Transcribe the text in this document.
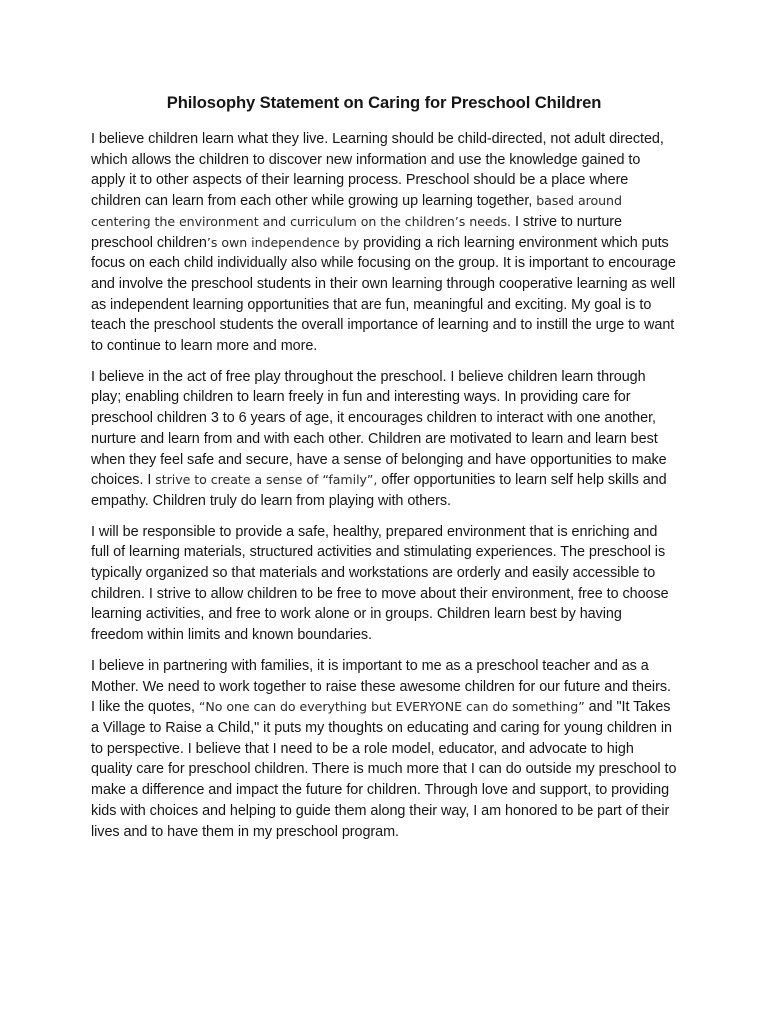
Philosophy Statement on Caring for Preschool Children

I believe children learn what they live. Learning should be child-directed, not adult directed, which allows the children to discover new information and use the knowledge gained to apply it to other aspects of their learning process. Preschool should be a place where children can learn from each other while growing up learning together, based around centering the environment and curriculum on the children’s needs. I strive to nurture preschool children’s own independence by providing a rich learning environment which puts focus on each child individually also while focusing on the group. It is important to encourage and involve the preschool students in their own learning through cooperative learning as well as independent learning opportunities that are fun, meaningful and exciting. My goal is to teach the preschool students the overall importance of learning and to instill the urge to want to continue to learn more and more.

I believe in the act of free play throughout the preschool. I believe children learn through play; enabling children to learn freely in fun and interesting ways. In providing care for preschool children 3 to 6 years of age, it encourages children to interact with one another, nurture and learn from and with each other. Children are motivated to learn and learn best when they feel safe and secure, have a sense of belonging and have opportunities to make choices. I strive to create a sense of “family”, offer opportunities to learn self help skills and empathy. Children truly do learn from playing with others.

I will be responsible to provide a safe, healthy, prepared environment that is enriching and full of learning materials, structured activities and stimulating experiences. The preschool is typically organized so that materials and workstations are orderly and easily accessible to children. I strive to allow children to be free to move about their environment, free to choose learning activities, and free to work alone or in groups. Children learn best by having freedom within limits and known boundaries.

I believe in partnering with families, it is important to me as a preschool teacher and as a Mother. We need to work together to raise these awesome children for our future and theirs. I like the quotes, “No one can do everything but EVERYONE can do something” and "It Takes a Village to Raise a Child," it puts my thoughts on educating and caring for young children in to perspective. I believe that I need to be a role model, educator, and advocate to high quality care for preschool children. There is much more that I can do outside my preschool to make a difference and impact the future for children. Through love and support, to providing kids with choices and helping to guide them along their way, I am honored to be part of their lives and to have them in my preschool program.
